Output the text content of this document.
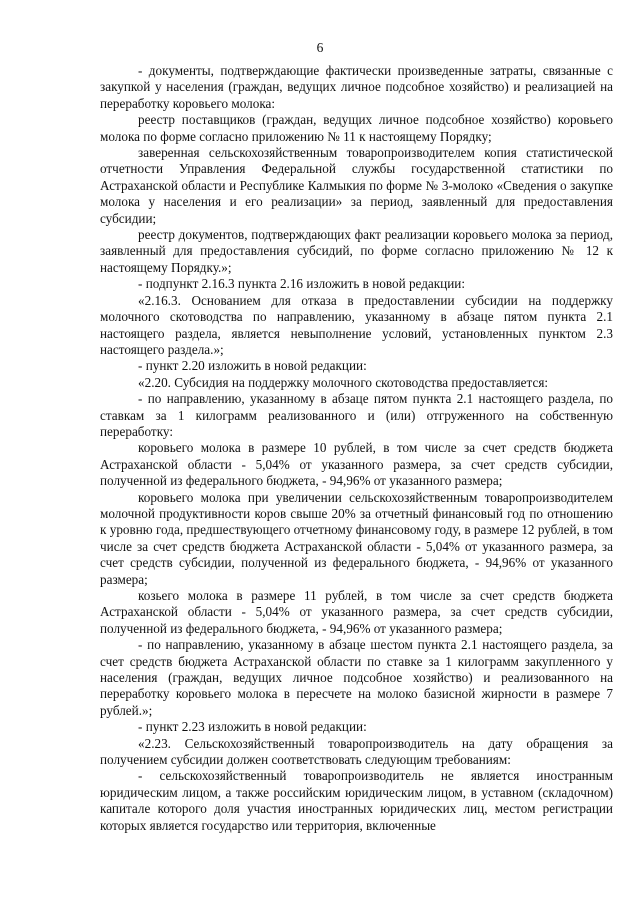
6

- документы, подтверждающие фактически произведенные затраты, связанные с закупкой у населения (граждан, ведущих личное подсобное хозяйство) и реализацией на переработку коровьего молока:

реестр поставщиков (граждан, ведущих личное подсобное хозяйство) коровьего молока по форме согласно приложению № 11 к настоящему Порядку;

заверенная сельскохозяйственным товаропроизводителем копия статистической отчетности Управления Федеральной службы государственной статистики по Астраханской области и Республике Калмыкия по форме № 3-молоко «Сведения о закупке молока у населения и его реализации» за период, заявленный для предоставления субсидии;

реестр документов, подтверждающих факт реализации коровьего молока за период, заявленный для предоставления субсидий, по форме согласно приложению № 12 к настоящему Порядку.»;

- подпункт 2.16.3 пункта 2.16 изложить в новой редакции:

«2.16.3. Основанием для отказа в предоставлении субсидии на поддержку молочного скотоводства по направлению, указанному в абзаце пятом пункта 2.1 настоящего раздела, является невыполнение условий, установленных пунктом 2.3 настоящего раздела.»;

- пункт 2.20 изложить в новой редакции:

«2.20. Субсидия на поддержку молочного скотоводства предоставляется:

- по направлению, указанному в абзаце пятом пункта 2.1 настоящего раздела, по ставкам за 1 килограмм реализованного и (или) отгруженного на собственную переработку:

коровьего молока в размере 10 рублей, в том числе за счет средств бюджета Астраханской области - 5,04% от указанного размера, за счет средств субсидии, полученной из федерального бюджета, - 94,96% от указанного размера;

коровьего молока при увеличении сельскохозяйственным товаропроизводителем молочной продуктивности коров свыше 20% за отчетный финансовый год по отношению к уровню года, предшествующего отчетному финансовому году, в размере 12 рублей, в том числе за счет средств бюджета Астраханской области - 5,04% от указанного размера, за счет средств субсидии, полученной из федерального бюджета, - 94,96% от указанного размера;

козьего молока в размере 11 рублей, в том числе за счет средств бюджета Астраханской области - 5,04% от указанного размера, за счет средств субсидии, полученной из федерального бюджета, - 94,96% от указанного размера;

- по направлению, указанному в абзаце шестом пункта 2.1 настоящего раздела, за счет средств бюджета Астраханской области по ставке за 1 килограмм закупленного у населения (граждан, ведущих личное подсобное хозяйство) и реализованного на переработку коровьего молока в пересчете на молоко базисной жирности в размере 7 рублей.»;

- пункт 2.23 изложить в новой редакции:

«2.23. Сельскохозяйственный товаропроизводитель на дату обращения за получением субсидии должен соответствовать следующим требованиям:

- сельскохозяйственный товаропроизводитель не является иностранным юридическим лицом, а также российским юридическим лицом, в уставном (складочном) капитале которого доля участия иностранных юридических лиц, местом регистрации которых является государство или территория, включенные
